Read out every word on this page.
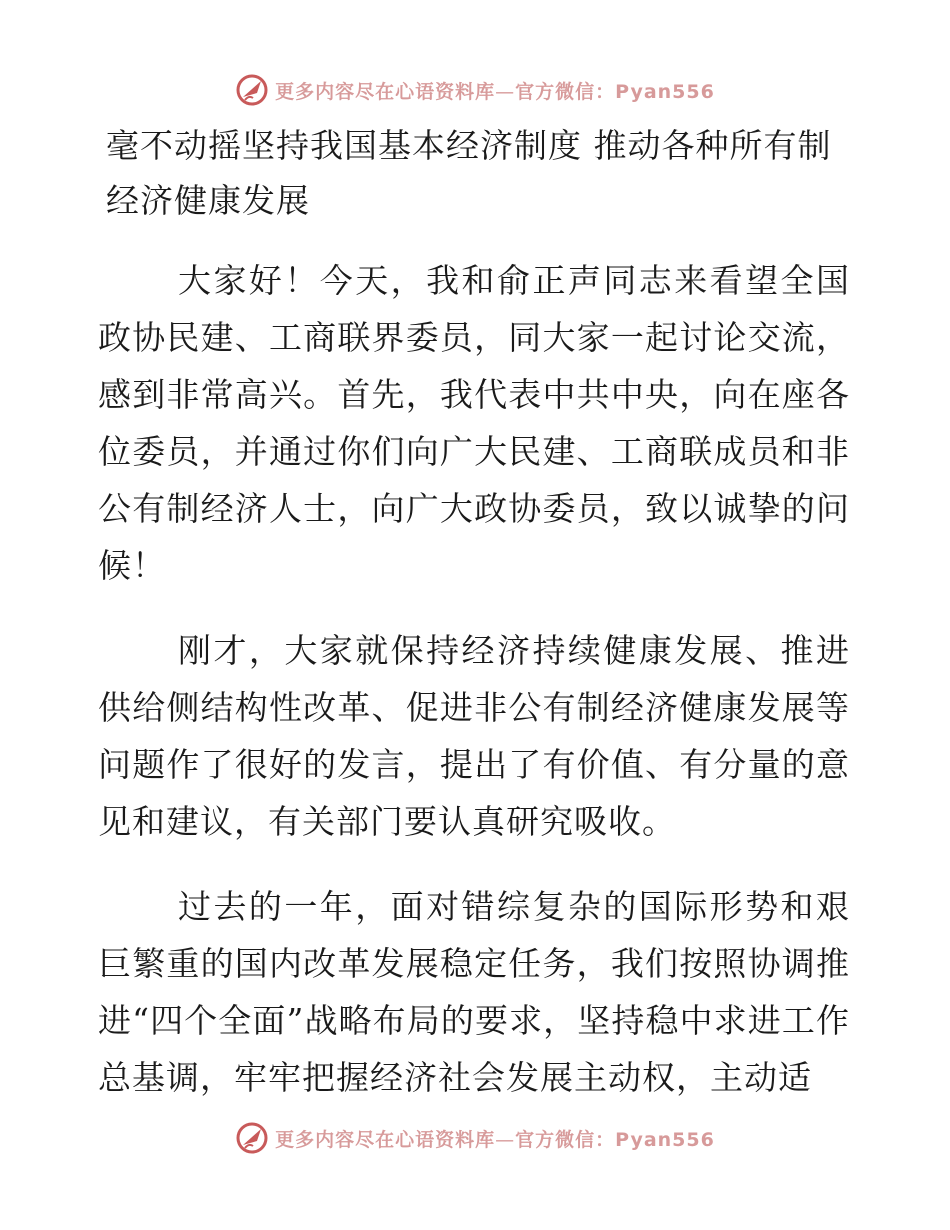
更多内容尽在心语资料库—官方微信：Pyan556
毫不动摇坚持我国基本经济制度 推动各种所有制经济健康发展

大家好！今天，我和俞正声同志来看望全国政协民建、工商联界委员，同大家一起讨论交流，感到非常高兴。首先，我代表中共中央，向在座各位委员，并通过你们向广大民建、工商联成员和非公有制经济人士，向广大政协委员，致以诚挚的问候！

刚才，大家就保持经济持续健康发展、推进供给侧结构性改革、促进非公有制经济健康发展等问题作了很好的发言，提出了有价值、有分量的意见和建议，有关部门要认真研究吸收。

过去的一年，面对错综复杂的国际形势和艰巨繁重的国内改革发展稳定任务，我们按照协调推进“四个全面”战略布局的要求，坚持稳中求进工作总基调，牢牢把握经济社会发展主动权，主动适

更多内容尽在心语资料库—官方微信：Pyan556
